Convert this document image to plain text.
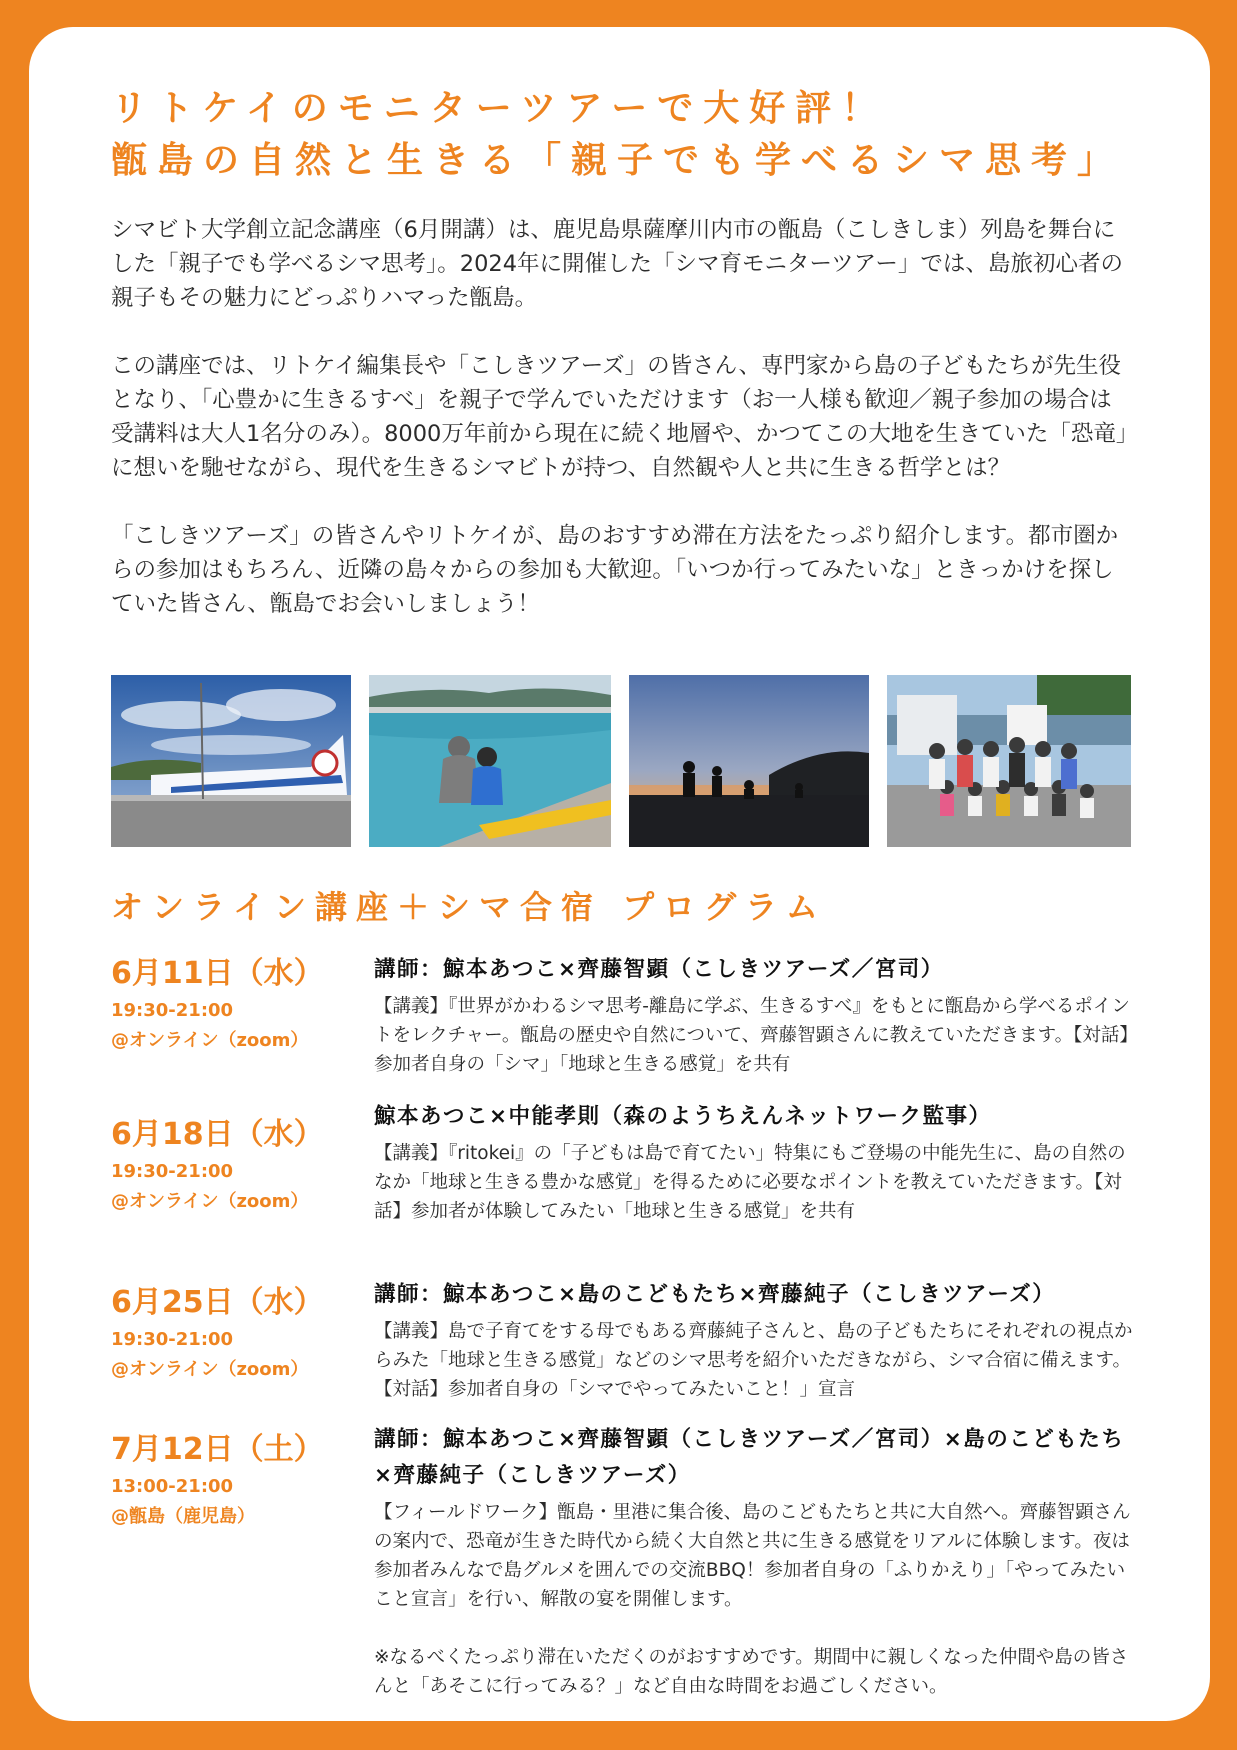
リトケイのモニターツアーで大好評！
甑島の自然と生きる「親子でも学べるシマ思考」

シマビト大学創立記念講座（6月開講）は、鹿児島県薩摩川内市の甑島（こしきしま）列島を舞台にした「親子でも学べるシマ思考」。2024年に開催した「シマ育モニターツアー」では、島旅初心者の親子もその魅力にどっぷりハマった甑島。

この講座では、リトケイ編集長や「こしきツアーズ」の皆さん、専門家から島の子どもたちが先生役となり、「心豊かに生きるすべ」を親子で学んでいただけます（お一人様も歓迎／親子参加の場合は受講料は大人1名分のみ）。8000万年前から現在に続く地層や、かつてこの大地を生きていた「恐竜」に想いを馳せながら、現代を生きるシマビトが持つ、自然観や人と共に生きる哲学とは？

「こしきツアーズ」の皆さんやリトケイが、島のおすすめ滞在方法をたっぷり紹介します。都市圏からの参加はもちろん、近隣の島々からの参加も大歓迎。「いつか行ってみたいな」ときっかけを探していた皆さん、甑島でお会いしましょう！

オンライン講座＋シマ合宿 プログラム
6月11日（水）
19:30-21:00
@オンライン（zoom）
講師：鯨本あつこ×齊藤智顕（こしきツアーズ／宮司）
【講義】『世界がかわるシマ思考-離島に学ぶ、生きるすべ』をもとに甑島から学べるポイントをレクチャー。甑島の歴史や自然について、齊藤智顕さんに教えていただきます。【対話】参加者自身の「シマ」「地球と生きる感覚」を共有
6月18日（水）
19:30-21:00
@オンライン（zoom）
鯨本あつこ×中能孝則（森のようちえんネットワーク監事）
【講義】『ritokei』の「子どもは島で育てたい」特集にもご登場の中能先生に、島の自然のなか「地球と生きる豊かな感覚」を得るために必要なポイントを教えていただきます。【対話】参加者が体験してみたい「地球と生きる感覚」を共有
6月25日（水）
19:30-21:00
@オンライン（zoom）
講師：鯨本あつこ×島のこどもたち×齊藤純子（こしきツアーズ）
【講義】島で子育てをする母でもある齊藤純子さんと、島の子どもたちにそれぞれの視点からみた「地球と生きる感覚」などのシマ思考を紹介いただきながら、シマ合宿に備えます。【対話】参加者自身の「シマでやってみたいこと！」宣言
7月12日（土）
13:00-21:00
@甑島（鹿児島）
講師：鯨本あつこ×齊藤智顕（こしきツアーズ／宮司）×島のこどもたち×齊藤純子（こしきツアーズ）
【フィールドワーク】甑島・里港に集合後、島のこどもたちと共に大自然へ。齊藤智顕さんの案内で、恐竜が生きた時代から続く大自然と共に生きる感覚をリアルに体験します。夜は参加者みんなで島グルメを囲んでの交流BBQ！参加者自身の「ふりかえり」「やってみたいこと宣言」を行い、解散の宴を開催します。
※なるべくたっぷり滞在いただくのがおすすめです。期間中に親しくなった仲間や島の皆さんと「あそこに行ってみる？」など自由な時間をお過ごしください。
